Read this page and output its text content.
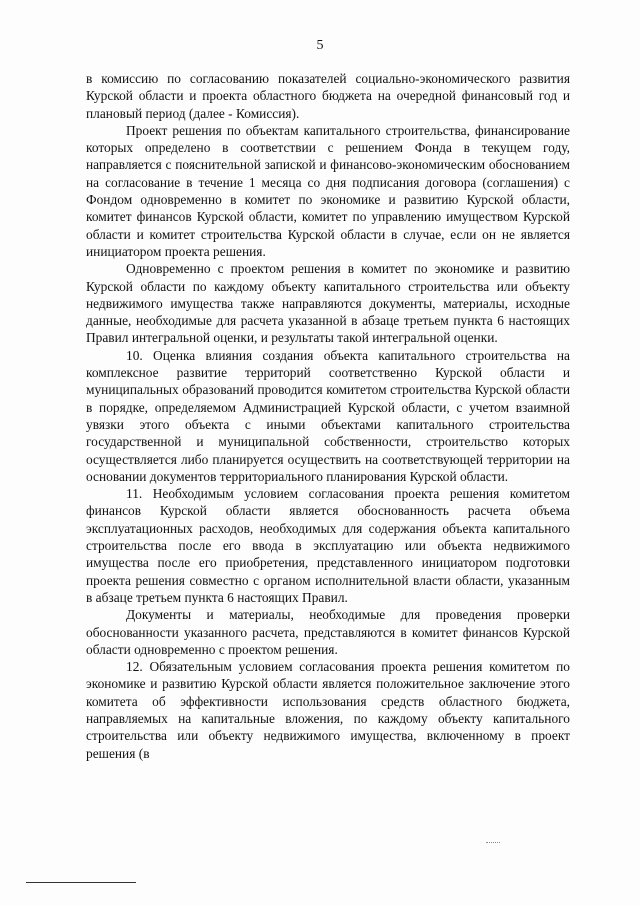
5

в комиссию по согласованию показателей социально-экономического развития Курской области и проекта областного бюджета на очередной финансовый год и плановый период (далее - Комиссия).

Проект решения по объектам капитального строительства, финансирование которых определено в соответствии с решением Фонда в текущем году, направляется с пояснительной запиской и финансово-экономическим обоснованием на согласование в течение 1 месяца со дня подписания договора (соглашения) с Фондом одновременно в комитет по экономике и развитию Курской области, комитет финансов Курской области, комитет по управлению имуществом Курской области и комитет строительства Курской области в случае, если он не является инициатором проекта решения.

Одновременно с проектом решения в комитет по экономике и развитию Курской области по каждому объекту капитального строительства или объекту недвижимого имущества также направляются документы, материалы, исходные данные, необходимые для расчета указанной в абзаце третьем пункта 6 настоящих Правил интегральной оценки, и результаты такой интегральной оценки.

10. Оценка влияния создания объекта капитального строительства на комплексное развитие территорий соответственно Курской области и муниципальных образований проводится комитетом строительства Курской области в порядке, определяемом Администрацией Курской области, с учетом взаимной увязки этого объекта с иными объектами капитального строительства государственной и муниципальной собственности, строительство которых осуществляется либо планируется осуществить на соответствующей территории на основании документов территориального планирования Курской области.

11. Необходимым условием согласования проекта решения комитетом финансов Курской области является обоснованность расчета объема эксплуатационных расходов, необходимых для содержания объекта капитального строительства после его ввода в эксплуатацию или объекта недвижимого имущества после его приобретения, представленного инициатором подготовки проекта решения совместно с органом исполнительной власти области, указанным в абзаце третьем пункта 6 настоящих Правил.

Документы и материалы, необходимые для проведения проверки обоснованности указанного расчета, представляются в комитет финансов Курской области одновременно с проектом решения.

12. Обязательным условием согласования проекта решения комитетом по экономике и развитию Курской области является положительное заключение этого комитета об эффективности использования средств областного бюджета, направляемых на капитальные вложения, по каждому объекту капитального строительства или объекту недвижимого имущества, включенному в проект решения (в
